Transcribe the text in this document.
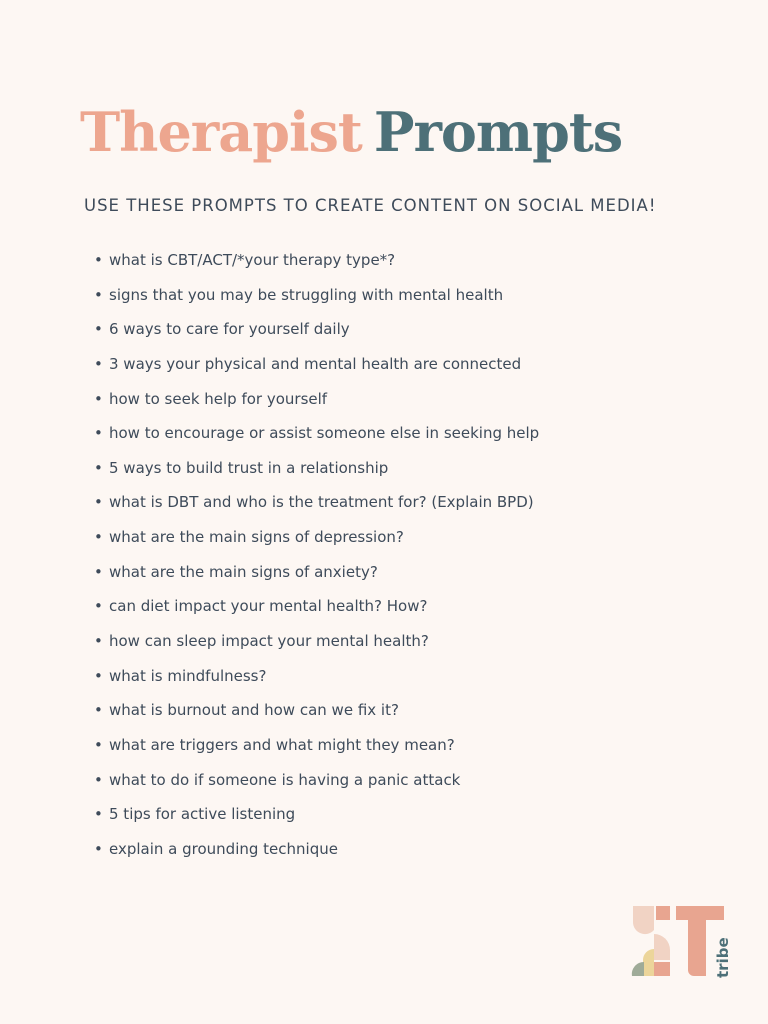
Therapist Prompts

USE THESE PROMPTS TO CREATE CONTENT ON SOCIAL MEDIA!

• what is CBT/ACT/*your therapy type*?
• signs that you may be struggling with mental health
• 6 ways to care for yourself daily
• 3 ways your physical and mental health are connected
• how to seek help for yourself
• how to encourage or assist someone else in seeking help
• 5 ways to build trust in a relationship
• what is DBT and who is the treatment for? (Explain BPD)
• what are the main signs of depression?
• what are the main signs of anxiety?
• can diet impact your mental health? How?
• how can sleep impact your mental health?
• what is mindfulness?
• what is burnout and how can we fix it?
• what are triggers and what might they mean?
• what to do if someone is having a panic attack
• 5 tips for active listening
• explain a grounding technique
tribe
